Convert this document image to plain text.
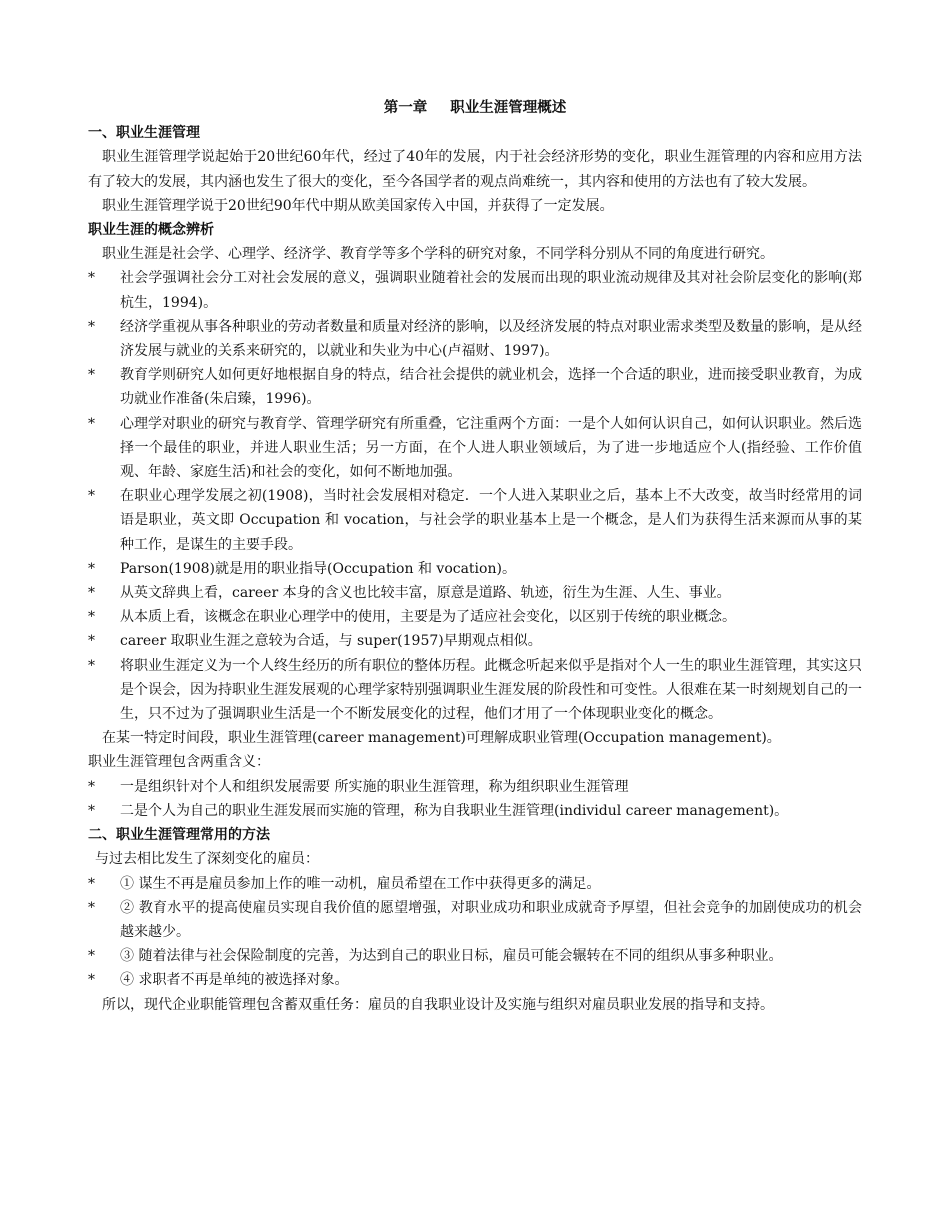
第一章 职业生涯管理概述
一、职业生涯管理
职业生涯管理学说起始于20世纪60年代，经过了40年的发展，内于社会经济形势的变化，职业生涯管理的内容和应用方法有了较大的发展，其内涵也发生了很大的变化，至今各国学者的观点尚难统一，其内容和使用的方法也有了较大发展。
职业生涯管理学说于20世纪90年代中期从欧美国家传入中国，并获得了一定发展。
职业生涯的概念辨析
职业生涯是社会学、心理学、经济学、教育学等多个学科的研究对象，不同学科分别从不同的角度进行研究。
*	社会学强调社会分工对社会发展的意义，强调职业随着社会的发展而出现的职业流动规律及其对社会阶层变化的影响(郑杭生，1994)。
*	经济学重视从事各种职业的劳动者数量和质量对经济的影响，以及经济发展的特点对职业需求类型及数量的影响，是从经济发展与就业的关系来研究的，以就业和失业为中心(卢福财、1997)。
*	教育学则研究人如何更好地根据自身的特点，结合社会提供的就业机会，选择一个合适的职业，进而接受职业教育，为成功就业作准备(朱启臻，1996)。
*	心理学对职业的研究与教育学、管理学研究有所重叠，它注重两个方面：一是个人如何认识自己，如何认识职业。然后选择一个最佳的职业，并进人职业生活；另一方面，在个人进人职业领域后，为了进一步地适应个人(指经验、工作价值观、年龄、家庭生活)和社会的变化，如何不断地加强。
*	在职业心理学发展之初(1908)，当时社会发展相对稳定．一个人进入某职业之后，基本上不大改变，故当时经常用的词语是职业，英文即 Occupation 和 vocation，与社会学的职业基本上是一个概念，是人们为获得生活来源而从事的某种工作，是谋生的主要手段。
*	Parson(1908)就是用的职业指导(Occupation 和 vocation)。
*	从英文辞典上看，career 本身的含义也比较丰富，原意是道路、轨迹，衍生为生涯、人生、事业。
*	从本质上看，该概念在职业心理学中的使用，主要是为了适应社会变化，以区别于传统的职业概念。
*	career 取职业生涯之意较为合适，与 super(1957)早期观点相似。
*	将职业生涯定义为一个人终生经历的所有职位的整体历程。此概念听起来似乎是指对个人一生的职业生涯管理，其实这只是个误会，因为持职业生涯发展观的心理学家特别强调职业生涯发展的阶段性和可变性。人很难在某一时刻规划自己的一生，只不过为了强调职业生活是一个不断发展变化的过程，他们才用了一个体现职业变化的概念。
在某一特定时间段，职业生涯管理(career management)可理解成职业管理(Occupation management)。
职业生涯管理包含两重含义：
*	一是组织针对个人和组织发展需要 所实施的职业生涯管理，称为组织职业生涯管理
*	二是个人为自己的职业生涯发展而实施的管理，称为自我职业生涯管理(individul career management)。
二、职业生涯管理常用的方法
与过去相比发生了深刻变化的雇员：
*	① 谋生不再是雇员参加上作的唯一动机，雇员希望在工作中获得更多的满足。
*	② 教育水平的提高使雇员实现自我价值的愿望增强，对职业成功和职业成就奇予厚望，但社会竞争的加剧使成功的机会越来越少。
*	③ 随着法律与社会保险制度的完善，为达到自己的职业日标，雇员可能会辗转在不同的组织从事多种职业。
*	④ 求职者不再是单纯的被选择对象。
所以，现代企业职能管理包含蓄双重任务：雇员的自我职业设计及实施与组织对雇员职业发展的指导和支持。
